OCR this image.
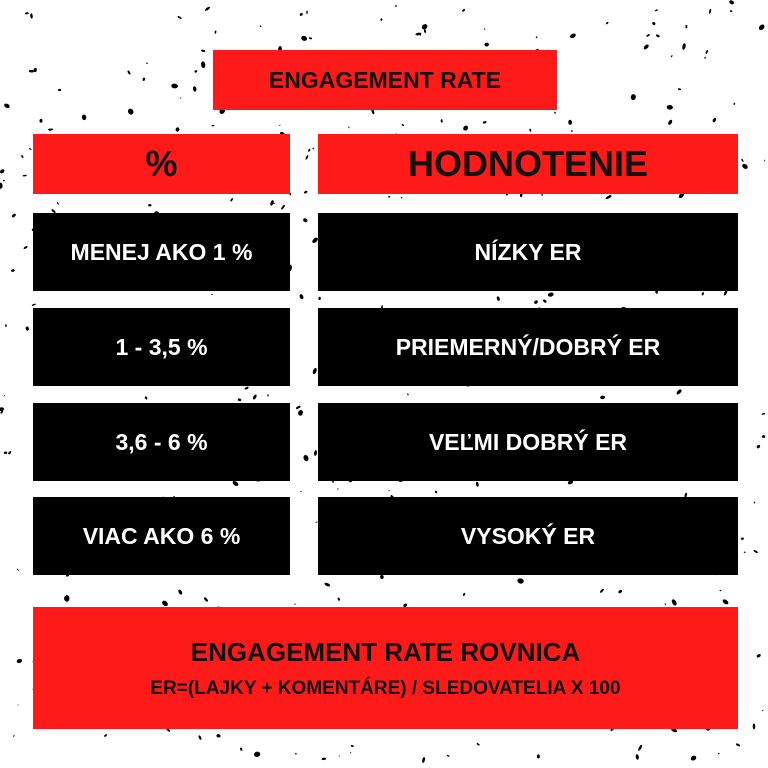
ENGAGEMENT RATE
%	HODNOTENIE
MENEJ AKO 1 %	NÍZKY ER
1 - 3,5 %	PRIEMERNÝ/DOBRÝ ER
3,6 - 6 %	VEĽMI DOBRÝ ER
VIAC AKO 6 %	VYSOKÝ ER
ENGAGEMENT RATE ROVNICA
ER=(LAJKY + KOMENTÁRE) / SLEDOVATELIA X 100
